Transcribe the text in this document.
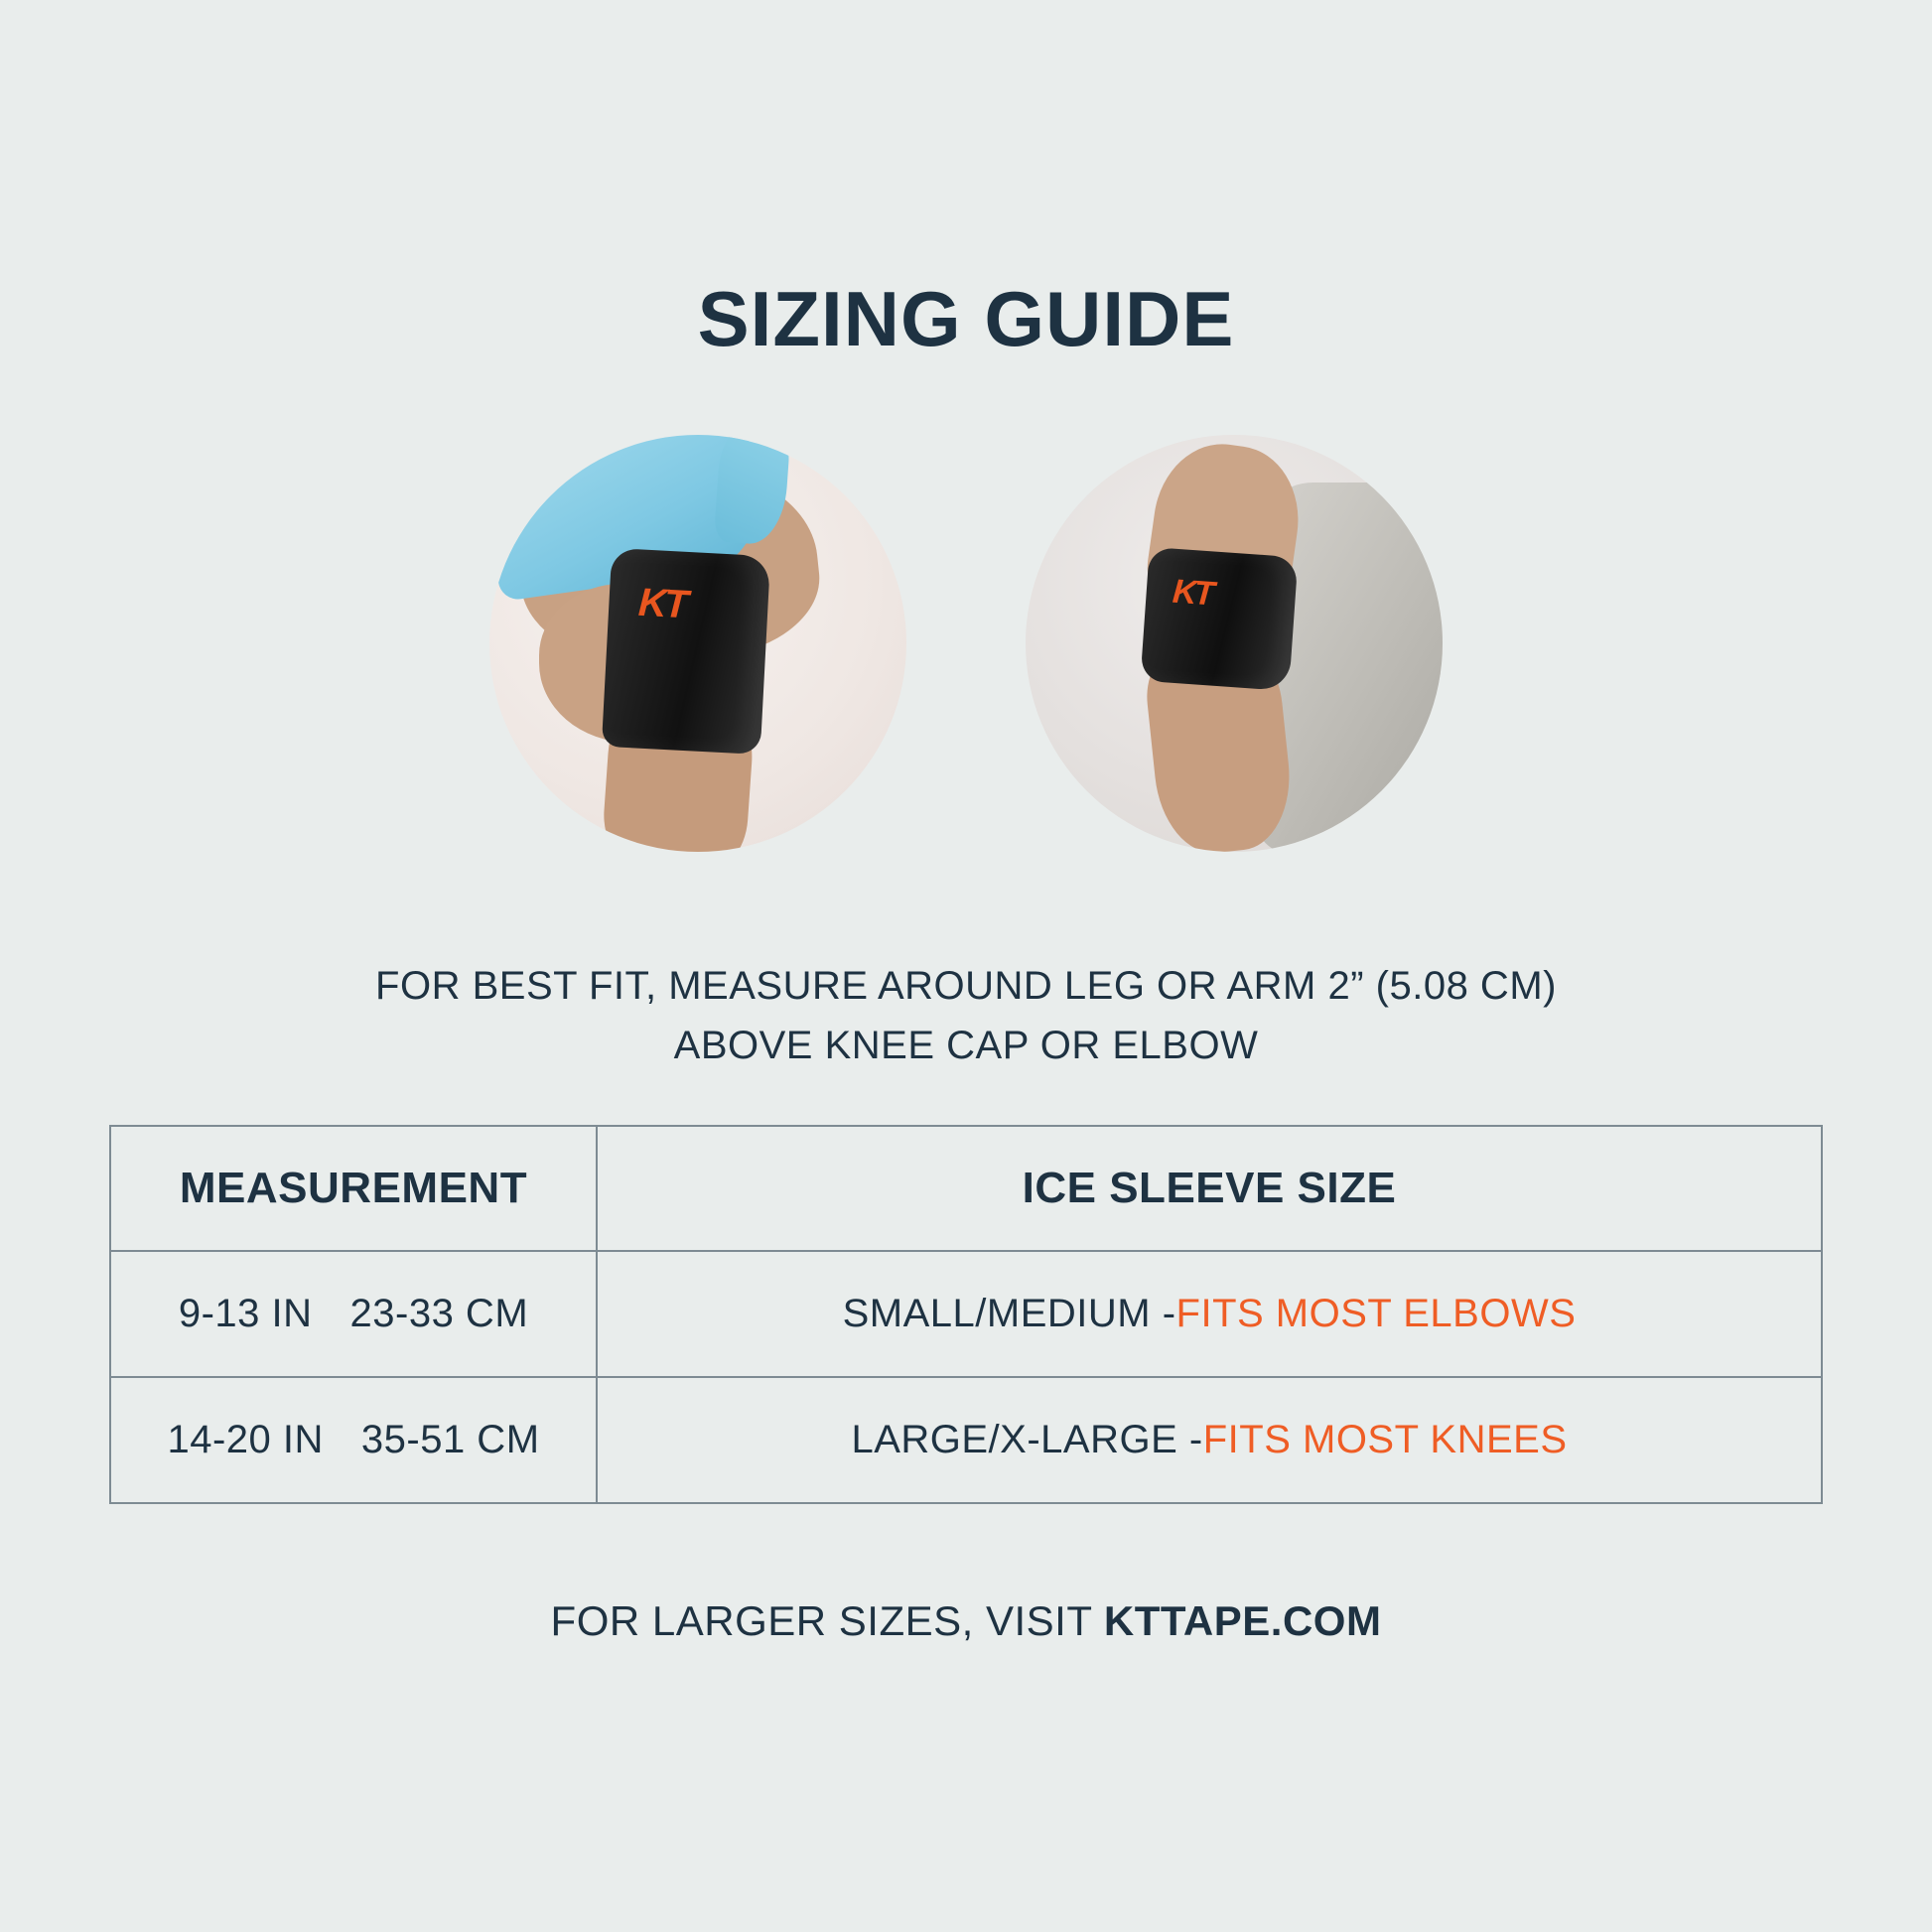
SIZING GUIDE
KT	KT
FOR BEST FIT, MEASURE AROUND LEG OR ARM 2” (5.08 CM)
ABOVE KNEE CAP OR ELBOW
MEASUREMENT	ICE SLEEVE SIZE
9-13 IN 23-33 CM	SMALL/MEDIUM - FITS MOST ELBOWS
14-20 IN 35-51 CM	LARGE/X-LARGE - FITS MOST KNEES
FOR LARGER SIZES, VISIT KTTAPE.COM
